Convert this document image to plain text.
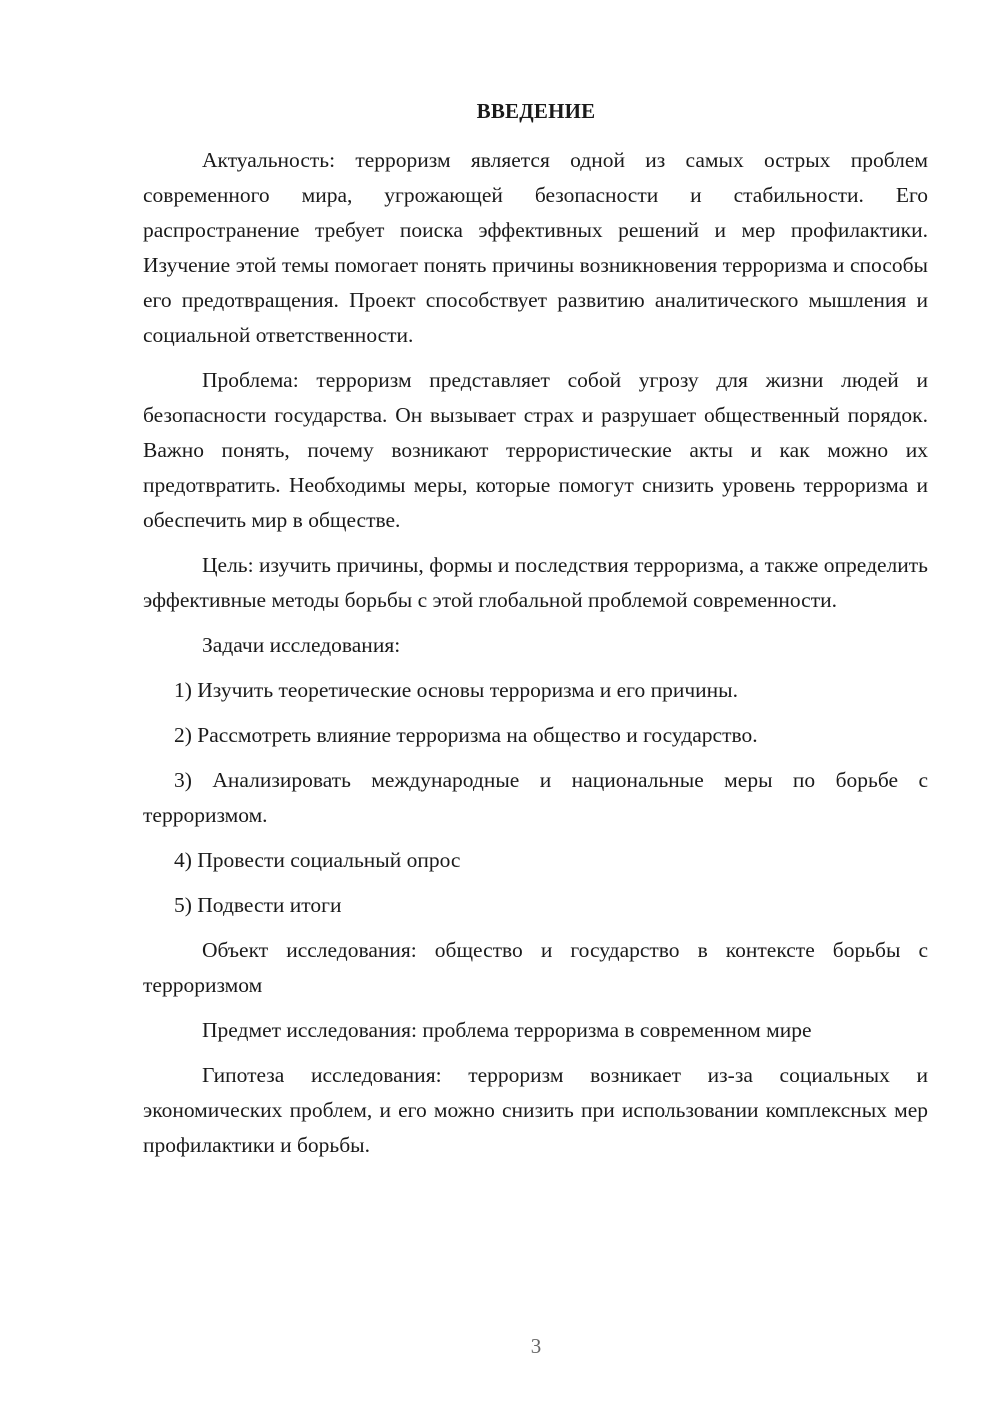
ВВЕДЕНИЕ

Актуальность: терроризм является одной из самых острых проблем современного мира, угрожающей безопасности и стабильности. Его распространение требует поиска эффективных решений и мер профилактики. Изучение этой темы помогает понять причины возникновения терроризма и способы его предотвращения. Проект способствует развитию аналитического мышления и социальной ответственности.

Проблема: терроризм представляет собой угрозу для жизни людей и безопасности государства. Он вызывает страх и разрушает общественный порядок. Важно понять, почему возникают террористические акты и как можно их предотвратить. Необходимы меры, которые помогут снизить уровень терроризма и обеспечить мир в обществе.

Цель: изучить причины, формы и последствия терроризма, а также определить эффективные методы борьбы с этой глобальной проблемой современности.

Задачи исследования:

1) Изучить теоретические основы терроризма и его причины.

2) Рассмотреть влияние терроризма на общество и государство.

3) Анализировать международные и национальные меры по борьбе с терроризмом.

4) Провести социальный опрос

5) Подвести итоги

Объект исследования: общество и государство в контексте борьбы с терроризмом

Предмет исследования: проблема терроризма в современном мире

Гипотеза исследования: терроризм возникает из-за социальных и экономических проблем, и его можно снизить при использовании комплексных мер профилактики и борьбы.

3
